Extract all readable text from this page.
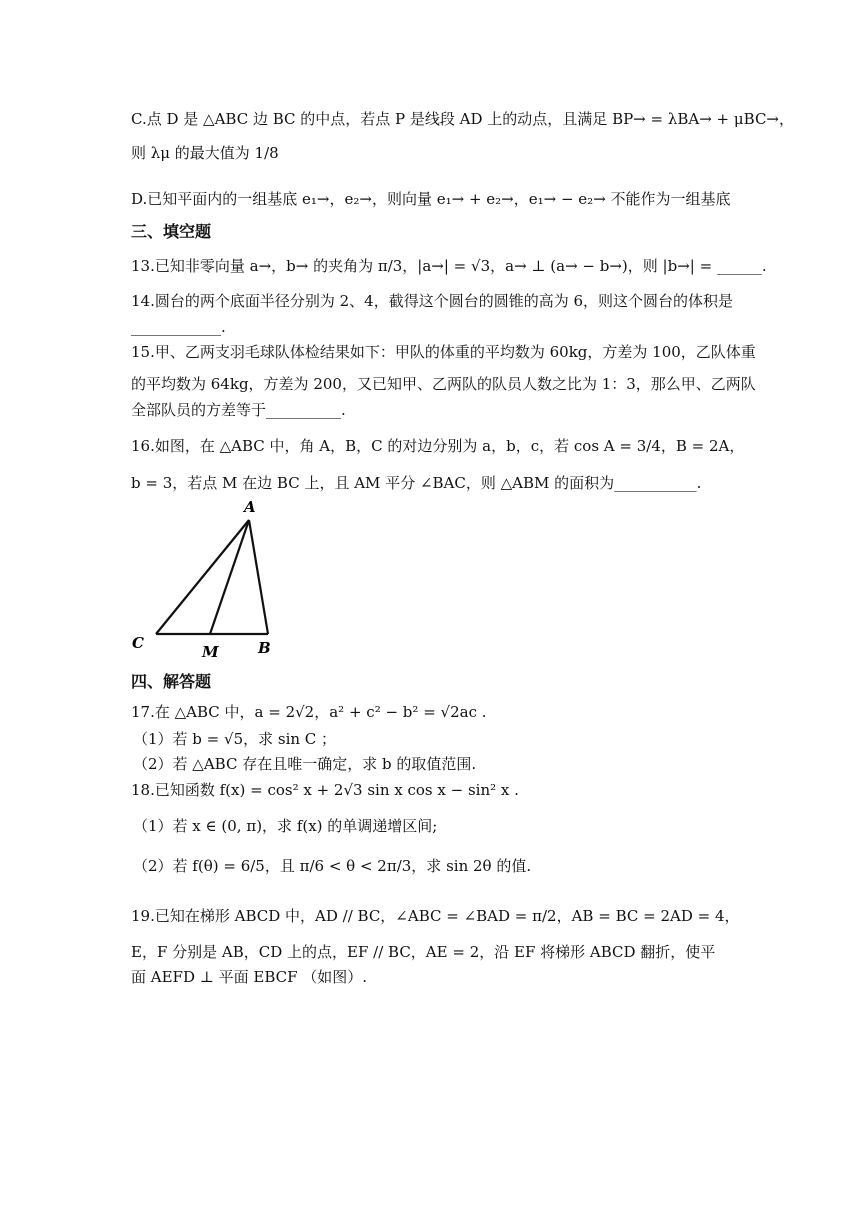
C.点 D 是 △ABC 边 BC 的中点，若点 P 是线段 AD 上的动点，且满足 BP→ = λBA→ + μBC→，
则 λμ 的最大值为 1/8
D.已知平面内的一组基底 e₁→，e₂→，则向量 e₁→ + e₂→，e₁→ − e₂→ 不能作为一组基底
三、填空题
13.已知非零向量 a→，b→ 的夹角为 π/3，|a→| = √3，a→ ⊥ (a→ − b→)，则 |b→| = ______.
14.圆台的两个底面半径分别为 2、4，截得这个圆台的圆锥的高为 6，则这个圆台的体积是
____________.
15.甲、乙两支羽毛球队体检结果如下：甲队的体重的平均数为 60kg，方差为 100，乙队体重
的平均数为 64kg，方差为 200，又已知甲、乙两队的队员人数之比为 1：3，那么甲、乙两队
全部队员的方差等于__________.
16.如图，在 △ABC 中，角 A，B，C 的对边分别为 a，b，c，若 cos A = 3/4，B = 2A，
b = 3，若点 M 在边 BC 上，且 AM 平分 ∠BAC，则 △ABM 的面积为___________.
A
C	M	B
四、解答题
17.在 △ABC 中，a = 2√2，a² + c² − b² = √2ac .
（1）若 b = √5，求 sin C ；
（2）若 △ABC 存在且唯一确定，求 b 的取值范围.
18.已知函数 f(x) = cos² x + 2√3 sin x cos x − sin² x .
（1）若 x ∈ (0, π)，求 f(x) 的单调递增区间;
（2）若 f(θ) = 6/5，且 π/6 < θ < 2π/3，求 sin 2θ 的值.
19.已知在梯形 ABCD 中，AD // BC，∠ABC = ∠BAD = π/2，AB = BC = 2AD = 4，
E，F 分别是 AB，CD 上的点，EF // BC，AE = 2，沿 EF 将梯形 ABCD 翻折，使平
面 AEFD ⊥ 平面 EBCF （如图）.
